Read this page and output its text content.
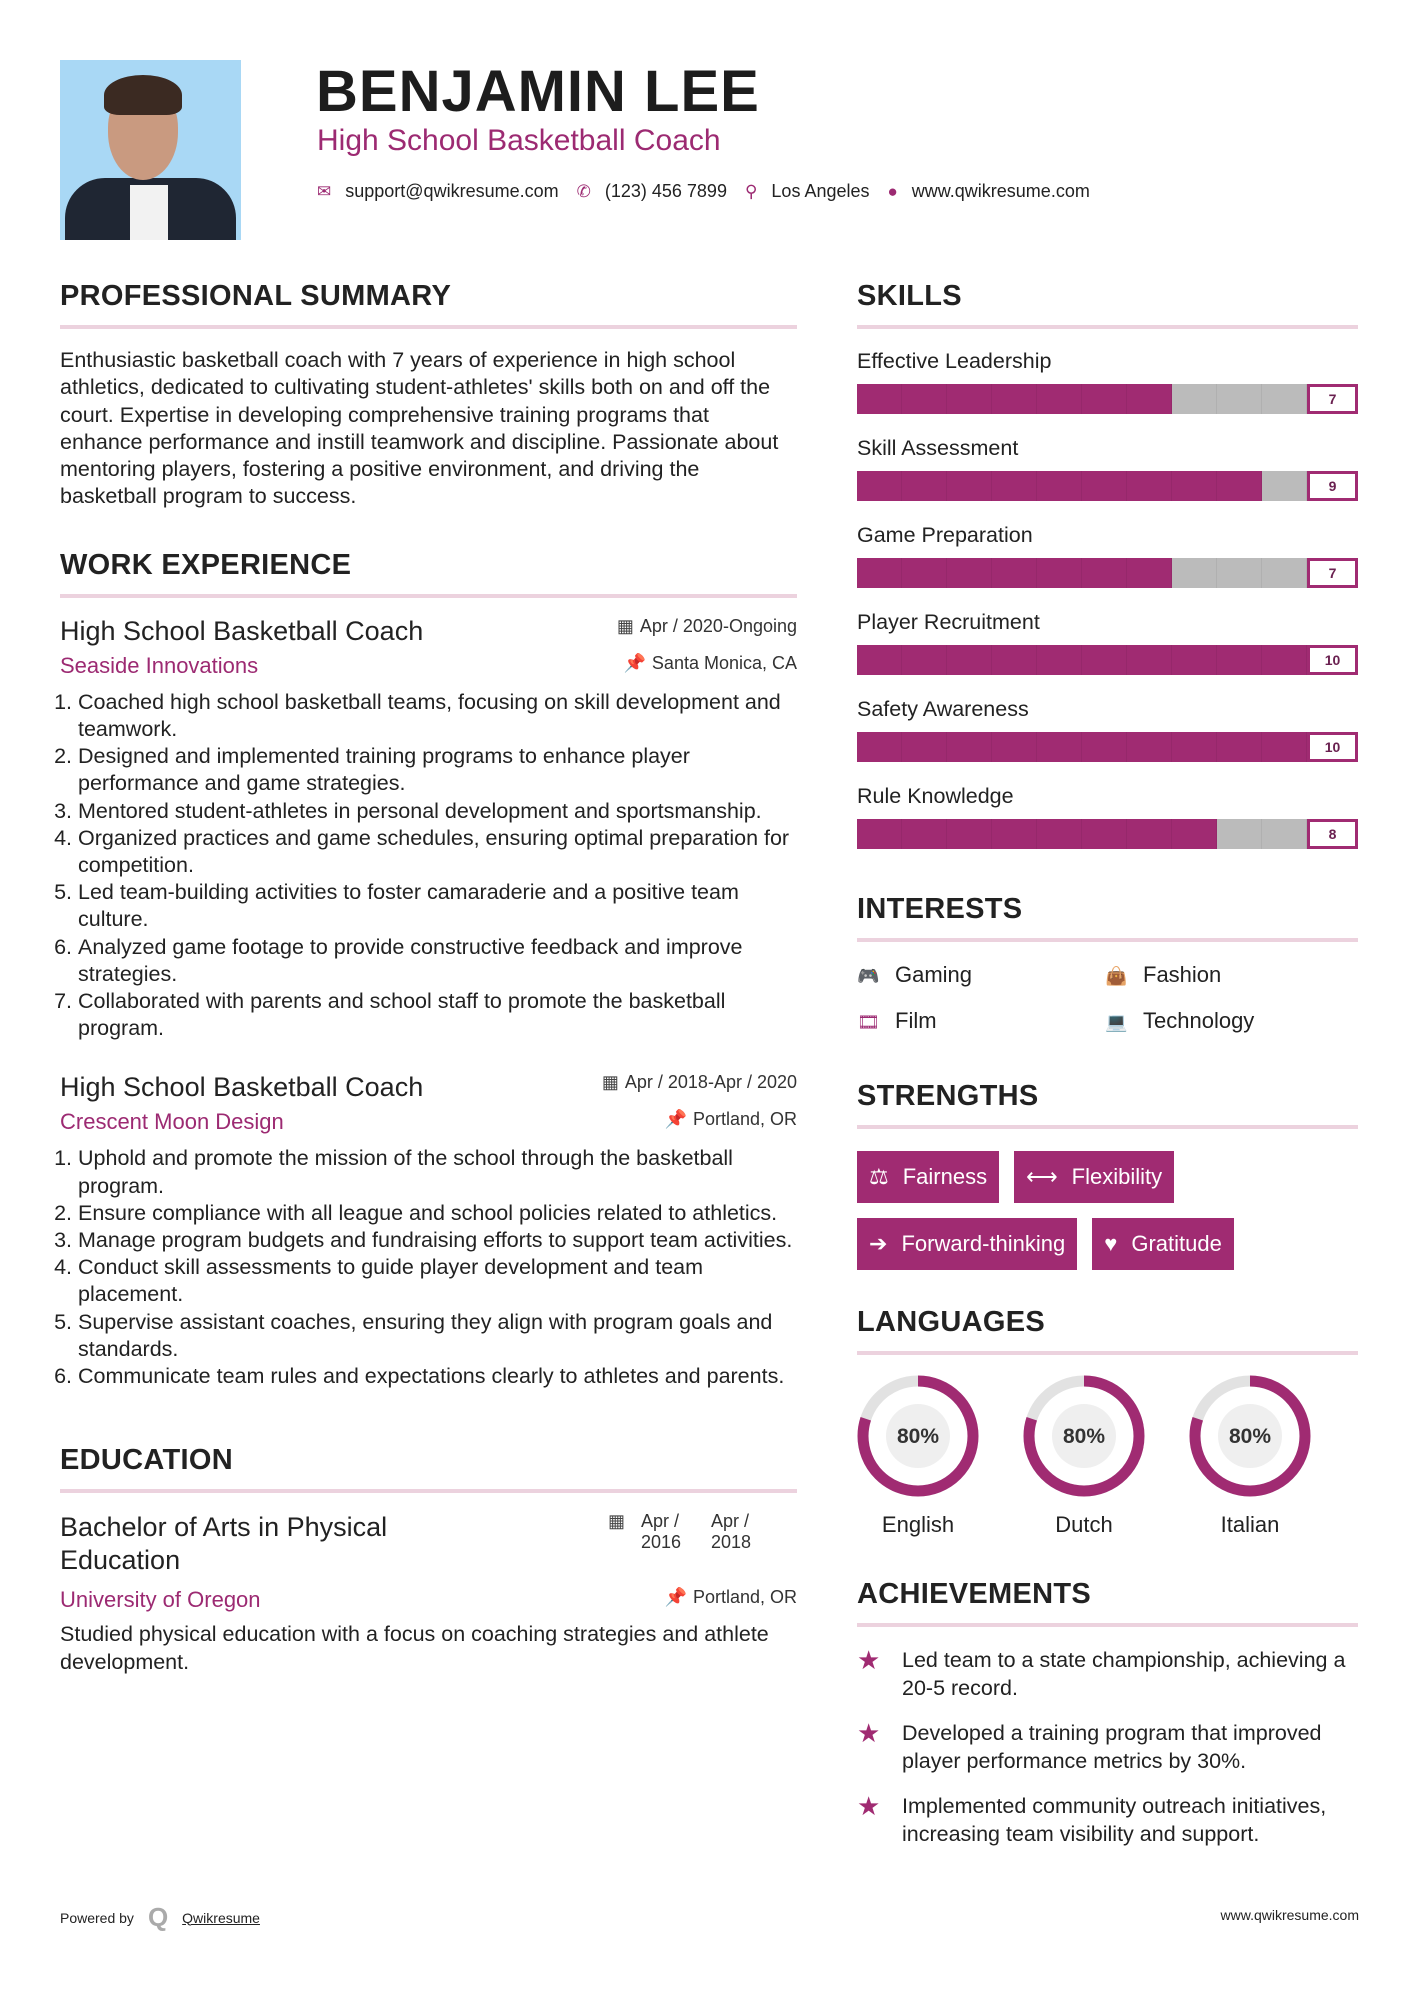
BENJAMIN LEE
High School Basketball Coach
✉ support@qwikresume.com ✆ (123) 456 7899 ⚲ Los Angeles ● www.qwikresume.com
PROFESSIONAL SUMMARY

Enthusiastic basketball coach with 7 years of experience in high school athletics, dedicated to cultivating student-athletes' skills both on and off the court. Expertise in developing comprehensive training programs that enhance performance and instill teamwork and discipline. Passionate about mentoring players, fostering a positive environment, and driving the basketball program to success.

WORK EXPERIENCE
High School Basketball Coach	▦ Apr / 2020-Ongoing
Seaside Innovations	📌 Santa Monica, CA
1. Coached high school basketball teams, focusing on skill development and teamwork.
2. Designed and implemented training programs to enhance player performance and game strategies.
3. Mentored student-athletes in personal development and sportsmanship.
4. Organized practices and game schedules, ensuring optimal preparation for competition.
5. Led team-building activities to foster camaraderie and a positive team culture.
6. Analyzed game footage to provide constructive feedback and improve strategies.
7. Collaborated with parents and school staff to promote the basketball program.
High School Basketball Coach	▦ Apr / 2018-Apr / 2020
Crescent Moon Design	📌 Portland, OR
1. Uphold and promote the mission of the school through the basketball program.
2. Ensure compliance with all league and school policies related to athletics.
3. Manage program budgets and fundraising efforts to support team activities.
4. Conduct skill assessments to guide player development and team placement.
5. Supervise assistant coaches, ensuring they align with program goals and standards.
6. Communicate team rules and expectations clearly to athletes and parents.
EDUCATION
Bachelor of Arts in Physical Education
▦ Apr / 2016
Apr / 2018
University of Oregon	📌 Portland, OR

Studied physical education with a focus on coaching strategies and athlete development.

SKILLS
Effective Leadership
7
Skill Assessment
9
Game Preparation
7
Player Recruitment
10
Safety Awareness
10
Rule Knowledge
8
INTERESTS
🎮 Gaming	👜 Fashion
🎞 Film	💻 Technology
STRENGTHS
⚖ Fairness ⟷ Flexibility
➔ Forward-thinking ♥ Gratitude
LANGUAGES
80%
English
80%
Dutch
80%
Italian
ACHIEVEMENTS
★	Led team to a state championship, achieving a 20-5 record.
★	Developed a training program that improved player performance metrics by 30%.
★	Implemented community outreach initiatives, increasing team visibility and support.
Powered by Q Qwikresume	www.qwikresume.com
